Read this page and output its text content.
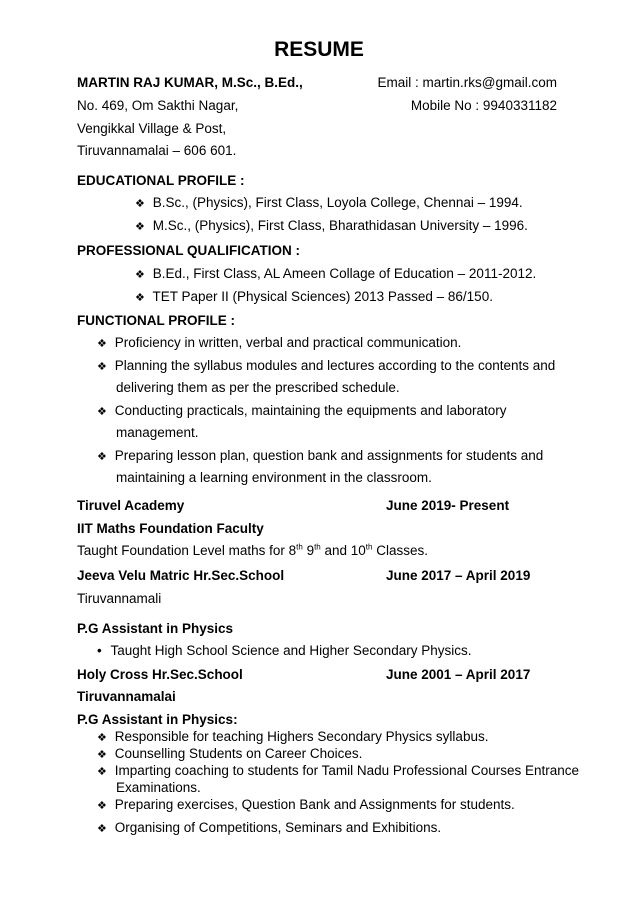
RESUME
MARTIN RAJ KUMAR, M.Sc., B.Ed.,	Email : martin.rks@gmail.com
No. 469, Om Sakthi Nagar,	Mobile No : 9940331182
Vengikkal Village & Post,
Tiruvannamalai – 606 601.
EDUCATIONAL PROFILE :
❖ B.Sc., (Physics), First Class, Loyola College, Chennai – 1994.
❖ M.Sc., (Physics), First Class, Bharathidasan University – 1996.
PROFESSIONAL QUALIFICATION :
❖ B.Ed., First Class, AL Ameen Collage of Education – 2011-2012.
❖ TET Paper II (Physical Sciences) 2013 Passed – 86/150.
FUNCTIONAL PROFILE :
❖ Proficiency in written, verbal and practical communication.
❖ Planning the syllabus modules and lectures according to the contents and
delivering them as per the prescribed schedule.
❖ Conducting practicals, maintaining the equipments and laboratory
management.
❖ Preparing lesson plan, question bank and assignments for students and
maintaining a learning environment in the classroom.
Tiruvel Academy	June 2019- Present
IIT Maths Foundation Faculty
Taught Foundation Level maths for 8th 9th and 10th Classes.
Jeeva Velu Matric Hr.Sec.School	June 2017 – April 2019
Tiruvannamali
P.G Assistant in Physics
• Taught High School Science and Higher Secondary Physics.
Holy Cross Hr.Sec.School	June 2001 – April 2017
Tiruvannamalai
P.G Assistant in Physics:
❖ Responsible for teaching Highers Secondary Physics syllabus.
❖ Counselling Students on Career Choices.
❖ Imparting coaching to students for Tamil Nadu Professional Courses Entrance
Examinations.
❖ Preparing exercises, Question Bank and Assignments for students.
❖ Organising of Competitions, Seminars and Exhibitions.
